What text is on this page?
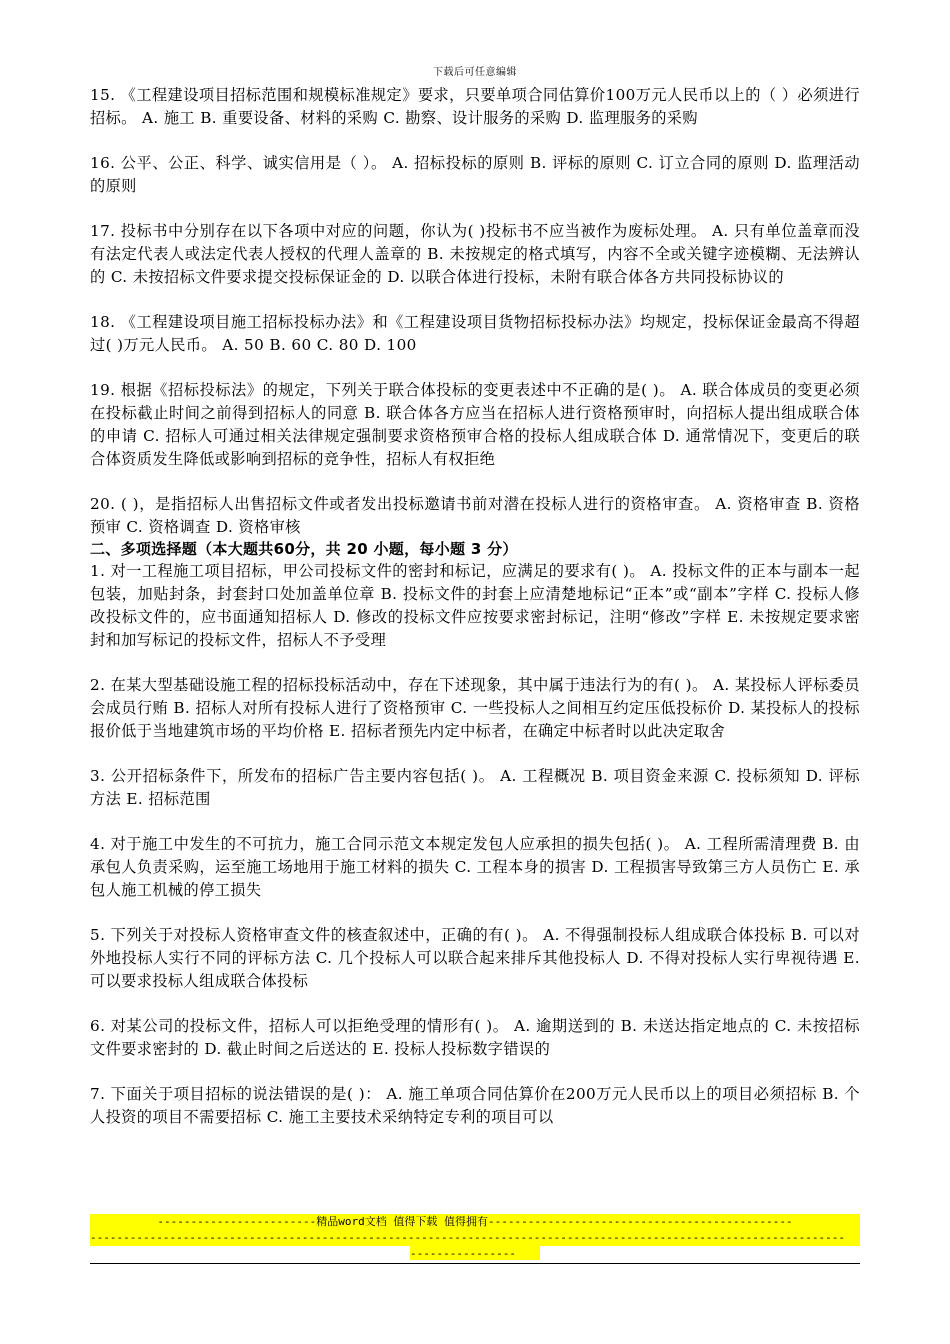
下载后可任意编辑

15. 《工程建设项目招标范围和规模标准规定》要求，只要单项合同估算价100万元人民币以上的（ ）必须进行招标。 A. 施工 B. 重要设备、材料的采购 C. 勘察、设计服务的采购 D. 监理服务的采购

16. 公平、公正、科学、诚实信用是（ ）。 A. 招标投标的原则 B. 评标的原则 C. 订立合同的原则 D. 监理活动的原则

17. 投标书中分别存在以下各项中对应的问题，你认为( )投标书不应当被作为废标处理。 A. 只有单位盖章而没有法定代表人或法定代表人授权的代理人盖章的 B. 未按规定的格式填写，内容不全或关键字迹模糊、无法辨认的 C. 未按招标文件要求提交投标保证金的 D. 以联合体进行投标，未附有联合体各方共同投标协议的

18. 《工程建设项目施工招标投标办法》和《工程建设项目货物招标投标办法》均规定，投标保证金最高不得超过( )万元人民币。 A. 50 B. 60 C. 80 D. 100

19. 根据《招标投标法》的规定，下列关于联合体投标的变更表述中不正确的是( )。 A. 联合体成员的变更必须在投标截止时间之前得到招标人的同意 B. 联合体各方应当在招标人进行资格预审时，向招标人提出组成联合体的申请 C. 招标人可通过相关法律规定强制要求资格预审合格的投标人组成联合体 D. 通常情况下，变更后的联合体资质发生降低或影响到招标的竞争性，招标人有权拒绝

20. ( )，是指招标人出售招标文件或者发出投标邀请书前对潜在投标人进行的资格审查。 A. 资格审查 B. 资格预审 C. 资格调查 D. 资格审核

二、多项选择题（本大题共60分，共 20 小题，每小题 3 分）

1. 对一工程施工项目招标，甲公司投标文件的密封和标记，应满足的要求有( )。 A. 投标文件的正本与副本一起包装，加贴封条，封套封口处加盖单位章 B. 投标文件的封套上应清楚地标记“正本”或“副本”字样 C. 投标人修改投标文件的，应书面通知招标人 D. 修改的投标文件应按要求密封标记，注明“修改”字样 E. 未按规定要求密封和加写标记的投标文件，招标人不予受理

2. 在某大型基础设施工程的招标投标活动中，存在下述现象，其中属于违法行为的有( )。 A. 某投标人评标委员会成员行贿 B. 招标人对所有投标人进行了资格预审 C. 一些投标人之间相互约定压低投标价 D. 某投标人的投标报价低于当地建筑市场的平均价格 E. 招标者预先内定中标者，在确定中标者时以此决定取舍

3. 公开招标条件下，所发布的招标广告主要内容包括( )。 A. 工程概况 B. 项目资金来源 C. 投标须知 D. 评标方法 E. 招标范围

4. 对于施工中发生的不可抗力，施工合同示范文本规定发包人应承担的损失包括( )。 A. 工程所需清理费 B. 由承包人负责采购，运至施工场地用于施工材料的损失 C. 工程本身的损害 D. 工程损害导致第三方人员伤亡 E. 承包人施工机械的停工损失

5. 下列关于对投标人资格审查文件的核查叙述中，正确的有( )。 A. 不得强制投标人组成联合体投标 B. 可以对外地投标人实行不同的评标方法 C. 几个投标人可以联合起来排斥其他投标人 D. 不得对投标人实行卑视待遇 E. 可以要求投标人组成联合体投标

6. 对某公司的投标文件，招标人可以拒绝受理的情形有( )。 A. 逾期送到的 B. 未送达指定地点的 C. 未按招标文件要求密封的 D. 截止时间之后送达的 E. 投标人投标数字错误的

7. 下面关于项目招标的说法错误的是( )： A. 施工单项合同估算价在200万元人民币以上的项目必须招标 B. 个人投资的项目不需要招标 C. 施工主要技术采纳特定专利的项目可以

------------------------精品word文档 值得下载 值得拥有----------------------------------------------
------------------------------------------------------------------------------------------------------------------
----------------
